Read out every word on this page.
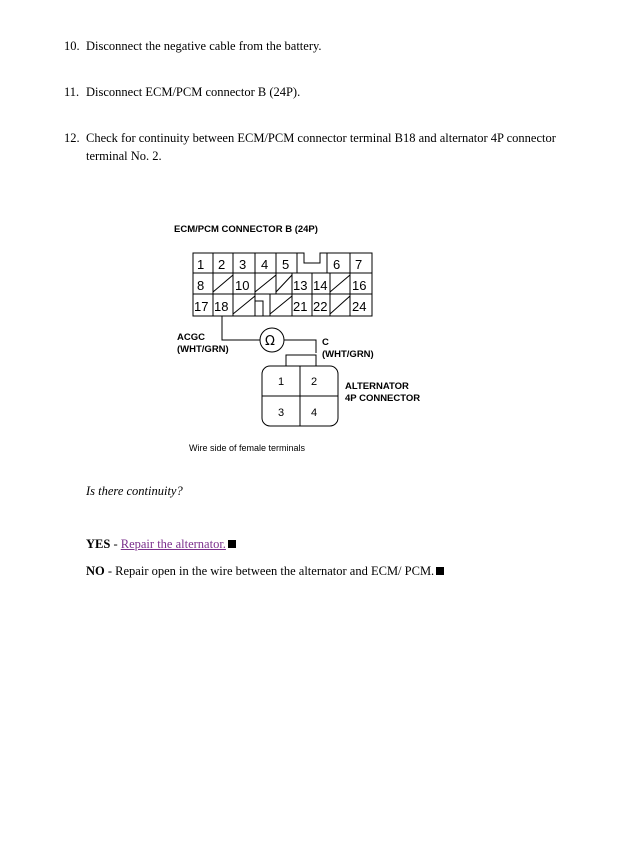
10. Disconnect the negative cable from the battery.
11. Disconnect ECM/PCM connector B (24P).
12. Check for continuity between ECM/PCM connector terminal B18 and alternator 4P connector terminal No. 2.
ECM/PCM CONNECTOR B (24P)
1 2 3 4 5	6 7
8 10	13 14 16
17 18	21 22 24
Ω
ACGC
(WHT/GRN)
C
(WHT/GRN)
1 2
3 4
ALTERNATOR
4P CONNECTOR
Wire side of female terminals
Is there continuity?
YES - Repair the alternator.
NO - Repair open in the wire between the alternator and ECM/ PCM.
